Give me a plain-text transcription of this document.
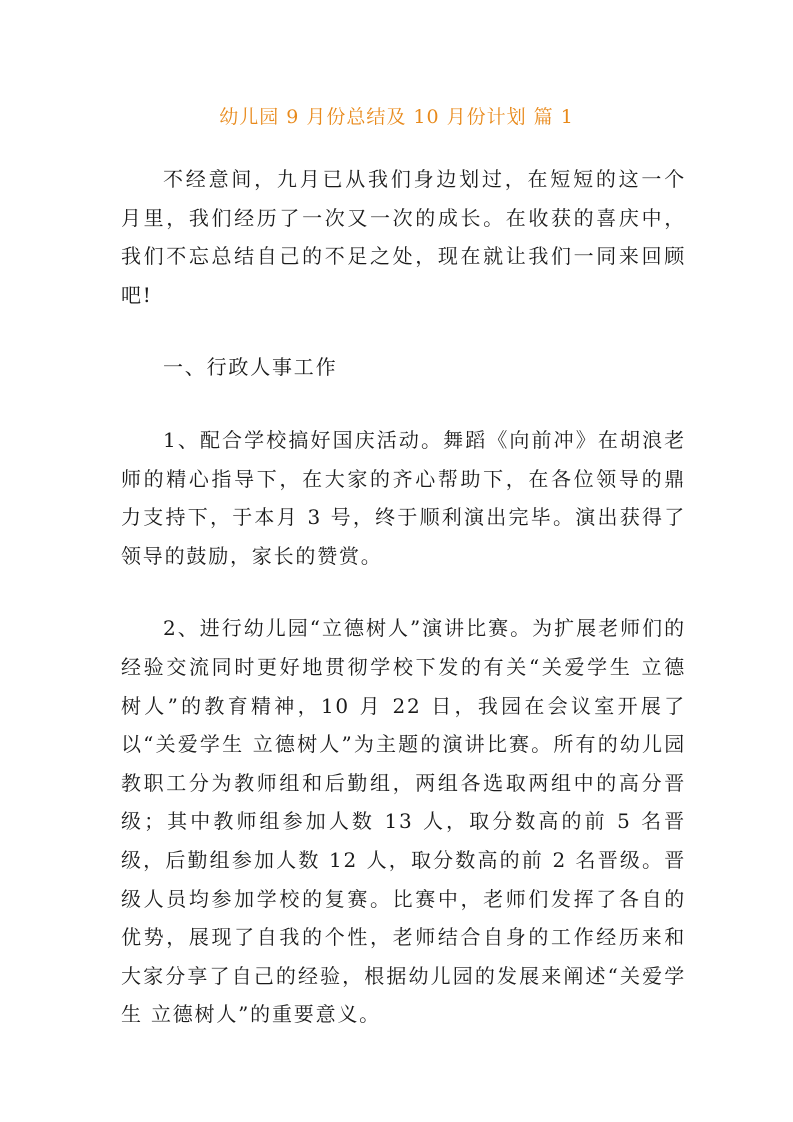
幼儿园 9 月份总结及 10 月份计划 篇 1

不经意间，九月已从我们身边划过，在短短的这一个月里，我们经历了一次又一次的成长。在收获的喜庆中，我们不忘总结自己的不足之处，现在就让我们一同来回顾吧!

一、行政人事工作

1、配合学校搞好国庆活动。舞蹈《向前冲》在胡浪老师的精心指导下，在大家的齐心帮助下，在各位领导的鼎力支持下，于本月 3 号，终于顺利演出完毕。演出获得了领导的鼓励，家长的赞赏。

2、进行幼儿园“立德树人”演讲比赛。为扩展老师们的经验交流同时更好地贯彻学校下发的有关“关爱学生 立德树人”的教育精神，10 月 22 日，我园在会议室开展了以“关爱学生 立德树人”为主题的演讲比赛。所有的幼儿园教职工分为教师组和后勤组，两组各选取两组中的高分晋级；其中教师组参加人数 13 人，取分数高的前 5 名晋级，后勤组参加人数 12 人，取分数高的前 2 名晋级。晋级人员均参加学校的复赛。比赛中，老师们发挥了各自的优势，展现了自我的个性，老师结合自身的工作经历来和大家分享了自己的经验，根据幼儿园的发展来阐述“关爱学生 立德树人”的重要意义。
